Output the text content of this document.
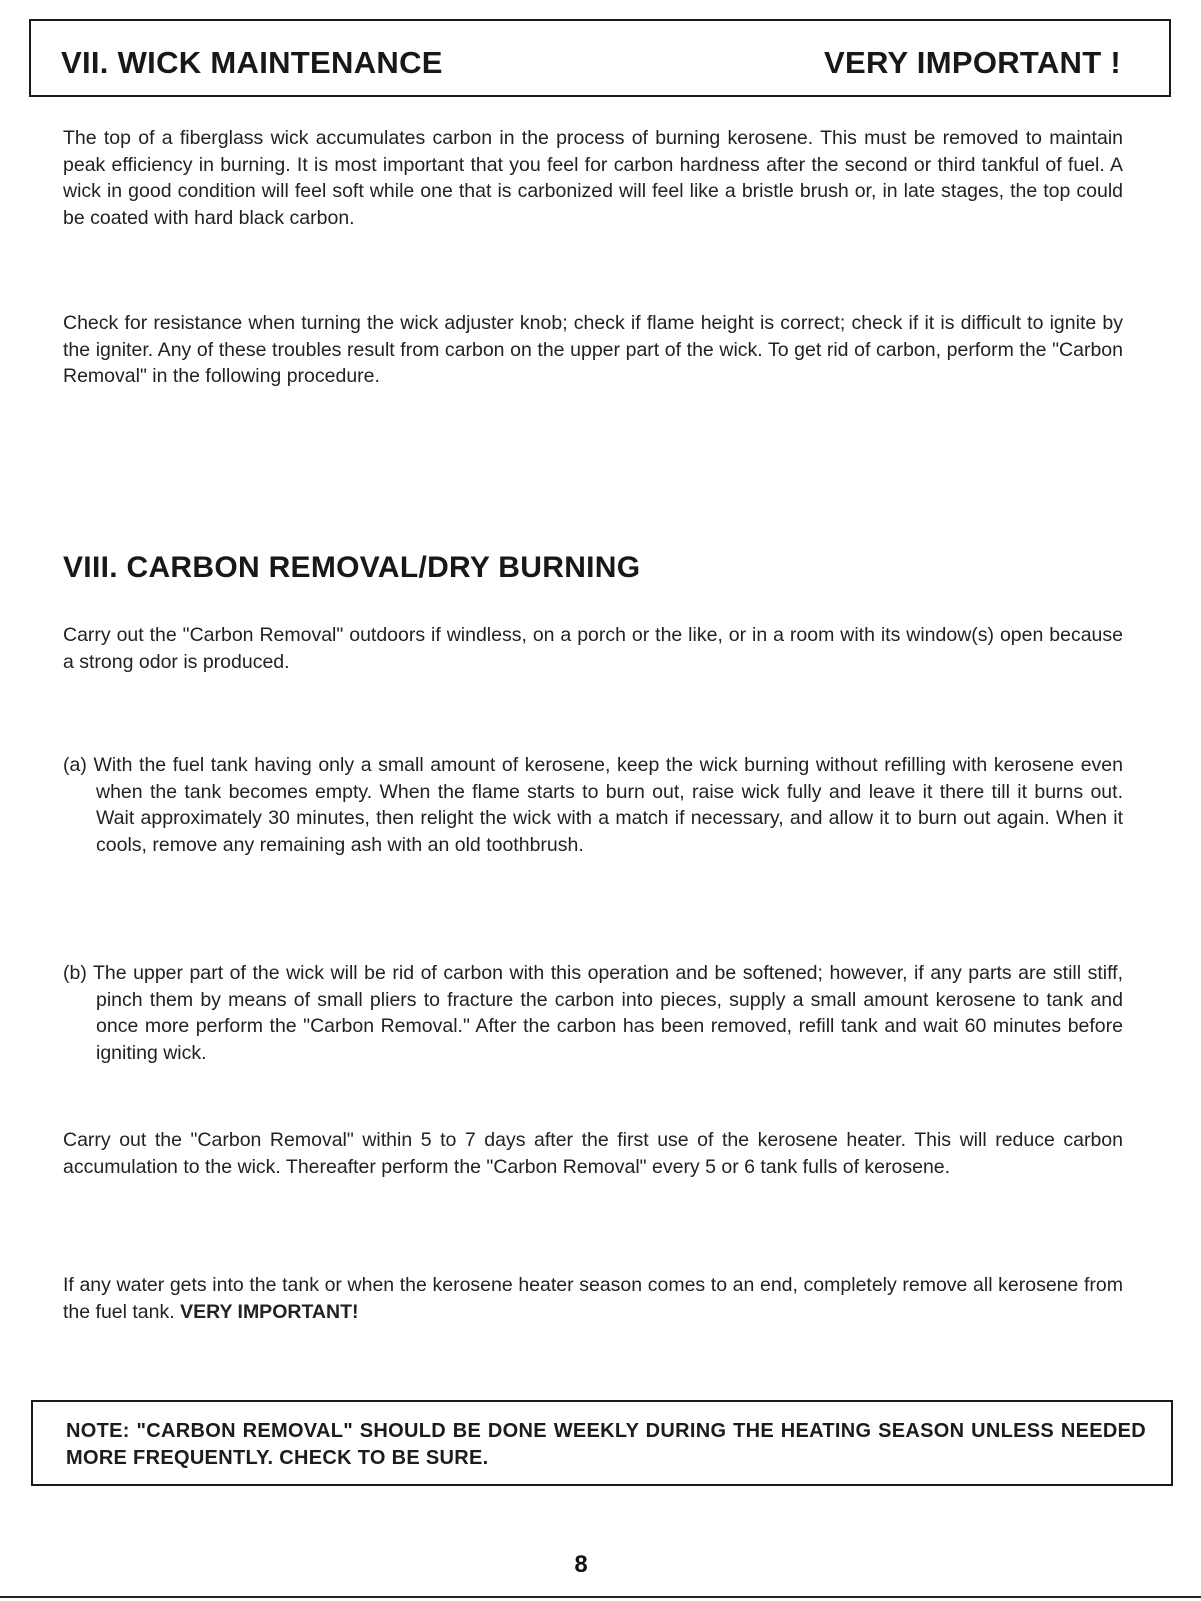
VII. WICK MAINTENANCE	VERY IMPORTANT !

The top of a fiberglass wick accumulates carbon in the process of burning kerosene. This must be removed to maintain peak efficiency in burning. It is most important that you feel for carbon hardness after the second or third tankful of fuel. A wick in good condition will feel soft while one that is carbonized will feel like a bristle brush or, in late stages, the top could be coated with hard black carbon.

Check for resistance when turning the wick adjuster knob; check if flame height is correct; check if it is difficult to ignite by the igniter. Any of these troubles result from carbon on the upper part of the wick. To get rid of carbon, perform the "Carbon Removal" in the following procedure.

VIII. CARBON REMOVAL/DRY BURNING

Carry out the "Carbon Removal" outdoors if windless, on a porch or the like, or in a room with its window(s) open because a strong odor is produced.

(a) With the fuel tank having only a small amount of kerosene, keep the wick burning without refilling with kerosene even when the tank becomes empty. When the flame starts to burn out, raise wick fully and leave it there till it burns out. Wait approximately 30 minutes, then relight the wick with a match if necessary, and allow it to burn out again. When it cools, remove any remaining ash with an old toothbrush.

(b) The upper part of the wick will be rid of carbon with this operation and be softened; however, if any parts are still stiff, pinch them by means of small pliers to fracture the carbon into pieces, supply a small amount kerosene to tank and once more perform the "Carbon Removal." After the carbon has been removed, refill tank and wait 60 minutes before igniting wick.

Carry out the "Carbon Removal" within 5 to 7 days after the first use of the kerosene heater. This will reduce carbon accumulation to the wick. Thereafter perform the "Carbon Removal" every 5 or 6 tank fulls of kerosene.

If any water gets into the tank or when the kerosene heater season comes to an end, completely remove all kerosene from the fuel tank. VERY IMPORTANT!

NOTE: "CARBON REMOVAL" SHOULD BE DONE WEEKLY DURING THE HEATING SEASON UNLESS NEEDED MORE FREQUENTLY. CHECK TO BE SURE.
8
